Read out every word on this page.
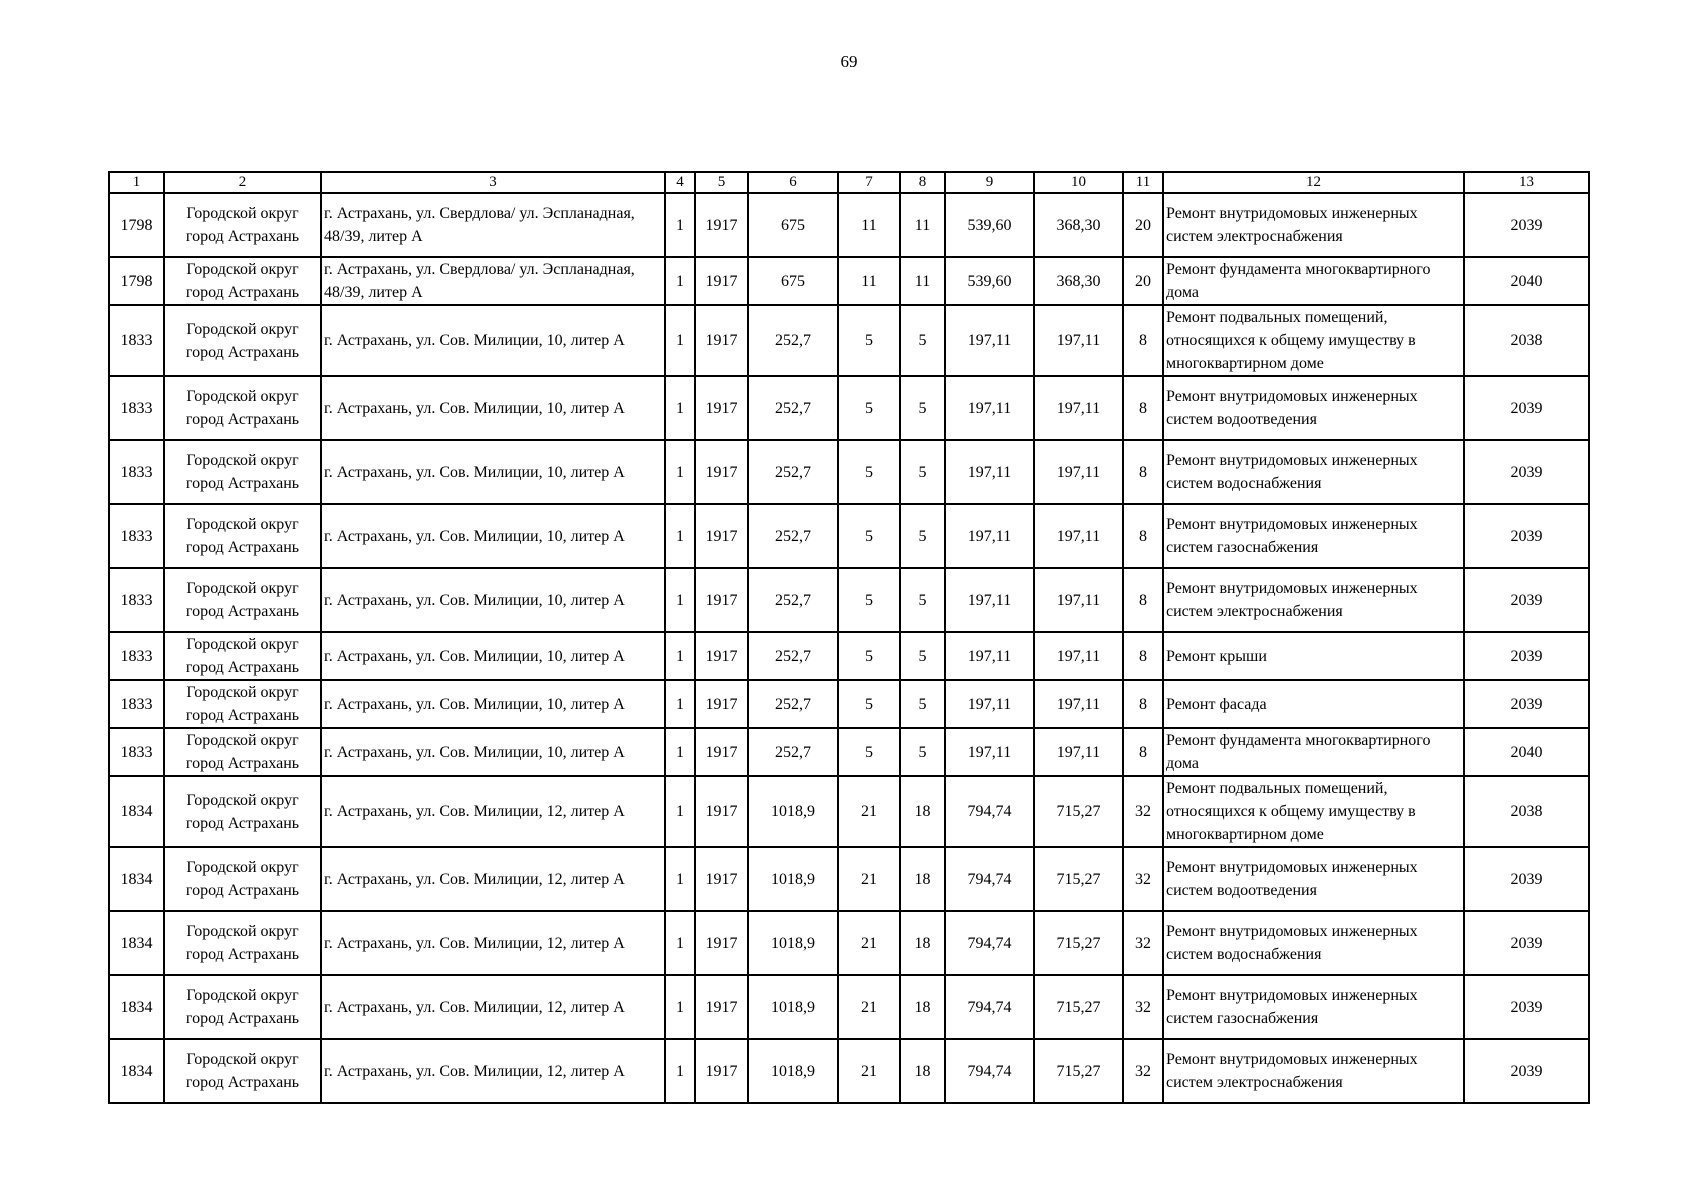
69
1	2	3	4	5	6	7	8	9	10	11	12	13
1798	Городской округ город Астрахань	г. Астрахань, ул. Свердлова/ ул. Эспланадная, 48/39, литер А	1	1917	675	11	11	539,60	368,30	20	Ремонт внутридомовых инженерных систем электроснабжения	2039
1798	Городской округ город Астрахань	г. Астрахань, ул. Свердлова/ ул. Эспланадная, 48/39, литер А	1	1917	675	11	11	539,60	368,30	20	Ремонт фундамента многоквартирного дома	2040
1833	Городской округ город Астрахань	г. Астрахань, ул. Сов. Милиции, 10, литер А	1	1917	252,7	5	5	197,11	197,11	8	Ремонт подвальных помещений, относящихся к общему имуществу в многоквартирном доме	2038
1833	Городской округ город Астрахань	г. Астрахань, ул. Сов. Милиции, 10, литер А	1	1917	252,7	5	5	197,11	197,11	8	Ремонт внутридомовых инженерных систем водоотведения	2039
1833	Городской округ город Астрахань	г. Астрахань, ул. Сов. Милиции, 10, литер А	1	1917	252,7	5	5	197,11	197,11	8	Ремонт внутридомовых инженерных систем водоснабжения	2039
1833	Городской округ город Астрахань	г. Астрахань, ул. Сов. Милиции, 10, литер А	1	1917	252,7	5	5	197,11	197,11	8	Ремонт внутридомовых инженерных систем газоснабжения	2039
1833	Городской округ город Астрахань	г. Астрахань, ул. Сов. Милиции, 10, литер А	1	1917	252,7	5	5	197,11	197,11	8	Ремонт внутридомовых инженерных систем электроснабжения	2039
1833	Городской округ город Астрахань	г. Астрахань, ул. Сов. Милиции, 10, литер А	1	1917	252,7	5	5	197,11	197,11	8	Ремонт крыши	2039
1833	Городской округ город Астрахань	г. Астрахань, ул. Сов. Милиции, 10, литер А	1	1917	252,7	5	5	197,11	197,11	8	Ремонт фасада	2039
1833	Городской округ город Астрахань	г. Астрахань, ул. Сов. Милиции, 10, литер А	1	1917	252,7	5	5	197,11	197,11	8	Ремонт фундамента многоквартирного дома	2040
1834	Городской округ город Астрахань	г. Астрахань, ул. Сов. Милиции, 12, литер А	1	1917	1018,9	21	18	794,74	715,27	32	Ремонт подвальных помещений, относящихся к общему имуществу в многоквартирном доме	2038
1834	Городской округ город Астрахань	г. Астрахань, ул. Сов. Милиции, 12, литер А	1	1917	1018,9	21	18	794,74	715,27	32	Ремонт внутридомовых инженерных систем водоотведения	2039
1834	Городской округ город Астрахань	г. Астрахань, ул. Сов. Милиции, 12, литер А	1	1917	1018,9	21	18	794,74	715,27	32	Ремонт внутридомовых инженерных систем водоснабжения	2039
1834	Городской округ город Астрахань	г. Астрахань, ул. Сов. Милиции, 12, литер А	1	1917	1018,9	21	18	794,74	715,27	32	Ремонт внутридомовых инженерных систем газоснабжения	2039
1834	Городской округ город Астрахань	г. Астрахань, ул. Сов. Милиции, 12, литер А	1	1917	1018,9	21	18	794,74	715,27	32	Ремонт внутридомовых инженерных систем электроснабжения	2039
